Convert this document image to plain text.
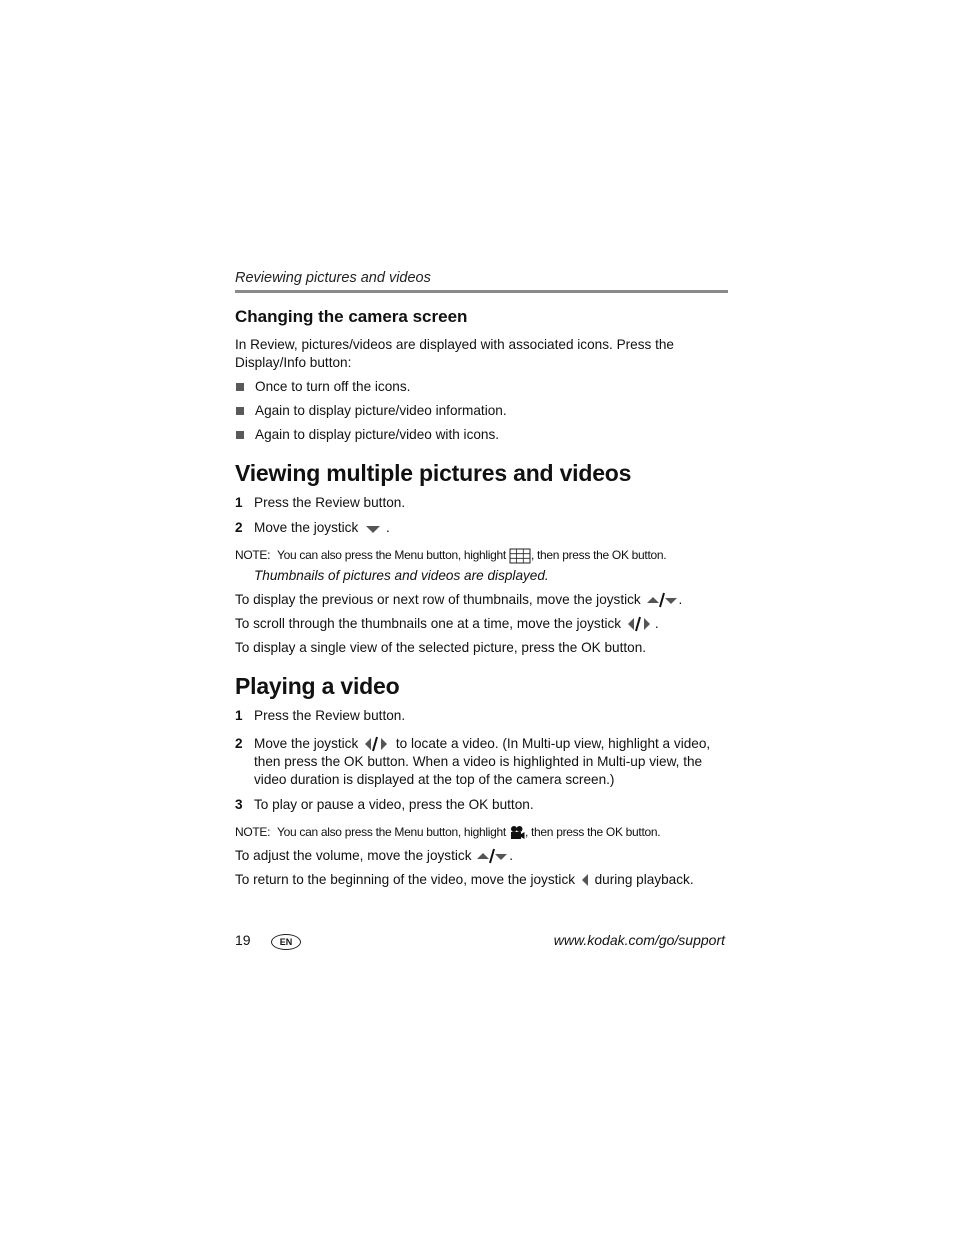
Reviewing pictures and videos
Changing the camera screen

In Review, pictures/videos are displayed with associated icons. Press the Display/Info button:

Once to turn off the icons.
Again to display picture/video information.
Again to display picture/video with icons.
Viewing multiple pictures and videos
1 Press the Review button.
2 Move the joystick .
NOTE: You can also press the Menu button, highlight , then press the OK button.
Thumbnails of pictures and videos are displayed.
To display the previous or next row of thumbnails, move the joystick	.
To scroll through the thumbnails one at a time, move the joystick .
To display a single view of the selected picture, press the OK button.
Playing a video
1 Press the Review button.
2 Move the joystick	to locate a video. (In Multi-up view, highlight a video, then press the OK button. When a video is highlighted in Multi-up view, the video duration is displayed at the top of the camera screen.)
3 To play or pause a video, press the OK button.
NOTE: You can also press the Menu button, highlight , then press the OK button.
To adjust the volume, move the joystick	.
To return to the beginning of the video, move the joystick during playback.
19	EN	www.kodak.com/go/support
